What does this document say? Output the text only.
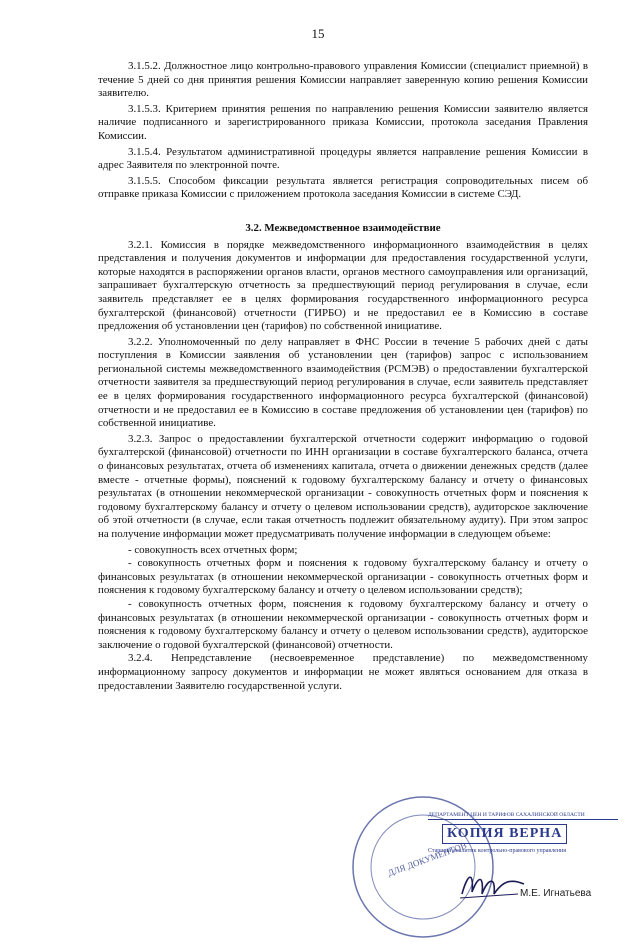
15

3.1.5.2. Должностное лицо контрольно-правового управления Комиссии (специалист приемной) в течение 5 дней со дня принятия решения Комиссии направляет заверенную копию решения Комиссии заявителю.

3.1.5.3. Критерием принятия решения по направлению решения Комиссии заявителю является наличие подписанного и зарегистрированного приказа Комиссии, протокола заседания Правления Комиссии.

3.1.5.4. Результатом административной процедуры является направление решения Комиссии в адрес Заявителя по электронной почте.

3.1.5.5. Способом фиксации результата является регистрация сопроводительных писем об отправке приказа Комиссии с приложением протокола заседания Комиссии в системе СЭД.

3.2. Межведомственное взаимодействие

3.2.1. Комиссия в порядке межведомственного информационного взаимодействия в целях представления и получения документов и информации для предоставления государственной услуги, которые находятся в распоряжении органов власти, органов местного самоуправления или организаций, запрашивает бухгалтерскую отчетность за предшествующий период регулирования в случае, если заявитель представляет ее в целях формирования государственного информационного ресурса бухгалтерской (финансовой) отчетности (ГИРБО) и не предоставил ее в Комиссию в составе предложения об установлении цен (тарифов) по собственной инициативе.

3.2.2. Уполномоченный по делу направляет в ФНС России в течение 5 рабочих дней с даты поступления в Комиссии заявления об установлении цен (тарифов) запрос с использованием региональной системы межведомственного взаимодействия (РСМЭВ) о предоставлении бухгалтерской отчетности заявителя за предшествующий период регулирования в случае, если заявитель представляет ее в целях формирования государственного информационного ресурса бухгалтерской (финансовой) отчетности и не предоставил ее в Комиссию в составе предложения об установлении цен (тарифов) по собственной инициативе.

3.2.3. Запрос о предоставлении бухгалтерской отчетности содержит информацию о годовой бухгалтерской (финансовой) отчетности по ИНН организации в составе бухгалтерского баланса, отчета о финансовых результатах, отчета об изменениях капитала, отчета о движении денежных средств (далее вместе - отчетные формы), пояснений к годовому бухгалтерскому балансу и отчету о финансовых результатах (в отношении некоммерческой организации - совокупность отчетных форм и пояснения к годовому бухгалтерскому балансу и отчету о целевом использовании средств), аудиторское заключение об этой отчетности (в случае, если такая отчетность подлежит обязательному аудиту). При этом запрос на получение информации может предусматривать получение информации в следующем объеме:

- совокупность всех отчетных форм;

- совокупность отчетных форм и пояснения к годовому бухгалтерскому балансу и отчету о финансовых результатах (в отношении некоммерческой организации - совокупность отчетных форм и пояснения к годовому бухгалтерскому балансу и отчету о целевом использовании средств);

- совокупность отчетных форм, пояснения к годовому бухгалтерскому балансу и отчету о финансовых результатах (в отношении некоммерческой организации - совокупность отчетных форм и пояснения к годовому бухгалтерскому балансу и отчету о целевом использовании средств), аудиторское заключение о годовой бухгалтерской (финансовой) отчетности.

3.2.4. Непредставление (несвоевременное представление) по межведомственному информационному запросу документов и информации не может являться основанием для отказа в предоставлении Заявителю государственной услуги.

ДЛЯ ДОКУМЕНТОВ
ДЕПАРТАМЕНТ ЦЕН И ТАРИФОВ САХАЛИНСКОЙ ОБЛАСТИ
КОПИЯ ВЕРНА
Старший аналитик контрольно-правового управления
М.Е. Игнатьева
